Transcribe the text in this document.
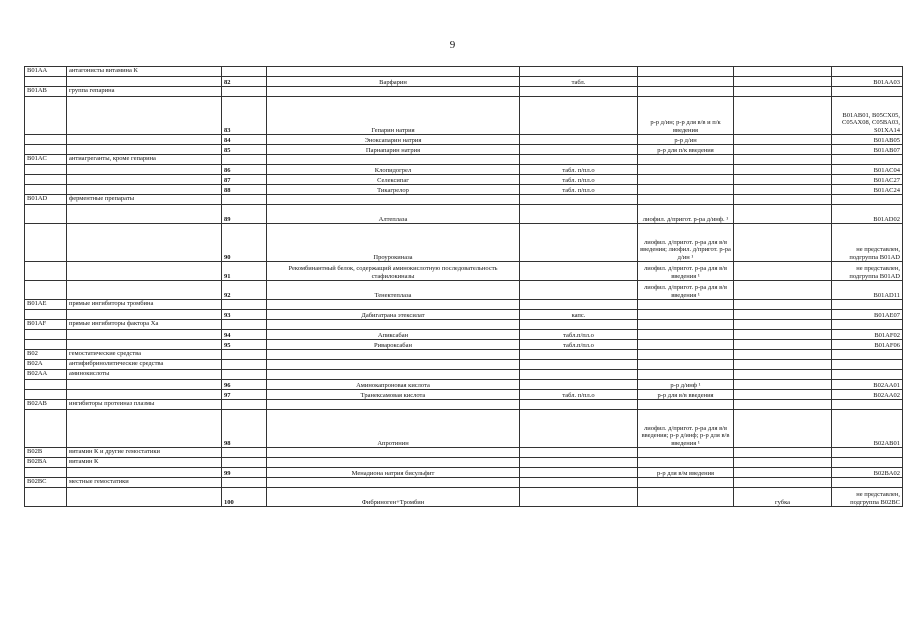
9
B01AA	антагонисты витамина К						
		82	Варфарин	табл.			B01AA03
B01AB	группа гепарина						
		83	Гепарин натрия		р-р д/ин; р-р для в/в и п/к введения		B01AB01, B05CX05, C05AX08, C05BA03, S01XA14
		84	Эноксапарин натрия		р-р д/ин		B01AB05
		85	Парнапарин натрия		р-р для п/к введения		B01AB07
B01AC	антиагреганты, кроме гепарина						
		86	Клопидогрел	табл. п/пл.о			B01AC04
		87	Селексипаг	табл. п/пл.о			B01AC27
		88	Тикагрелор	табл. п/пл.о			B01AC24
B01AD	ферментные препараты						
		89	Алтеплаза		лиофил. д/пригот. р-ра д/инф. ¹		B01AD02
		90	Проурокиназа		лиофил. д/пригот. р-ра для в/в введения; лиофил. д/пригот. р-ра д/ин ¹		не представлен, подгруппа B01AD
		91	Рекомбинантный белок, содержащий аминокислотную последовательность стафилокиназы		лиофил. д/пригот. р-ра для в/в введения ¹		не представлен, подгруппа B01AD
		92	Тенектеплаза		лиофил. д/пригот. р-ра для в/в введения ¹		B01AD11
B01AE	прямые ингибиторы тромбина						
		93	Дабигатрана этексилат	капс.			B01AE07
B01AF	прямые ингибиторы фактора Ха						
		94	Апиксабан	табл.п/пл.о			B01AF02
		95	Ривароксабан	табл.п/пл.о			B01AF06
B02	гемостатические средства						
B02A	антифибринолитические средства						
B02AA	аминокислоты						
		96	Аминокапроновая кислота		р-р д/инф ¹		B02AA01
		97	Транексамовая кислота	табл. п/пл.о	р-р для в/в введения		B02AA02
B02AB	ингибиторы протеиназ плазмы						
		98	Апротинин		лиофил. д/пригот. р-ра для в/в введения; р-р д/инф; р-р для в/в введения ¹		B02AB01
B02B	витамин К и другие гемостатики						
B02BA	витамин К						
		99	Менадиона натрия бисульфит		р-р для в/м введения		B02BA02
B02BC	местные гемостатики						
		100	Фибриноген+Тромбин			губка	не представлен, подгруппа B02BC
